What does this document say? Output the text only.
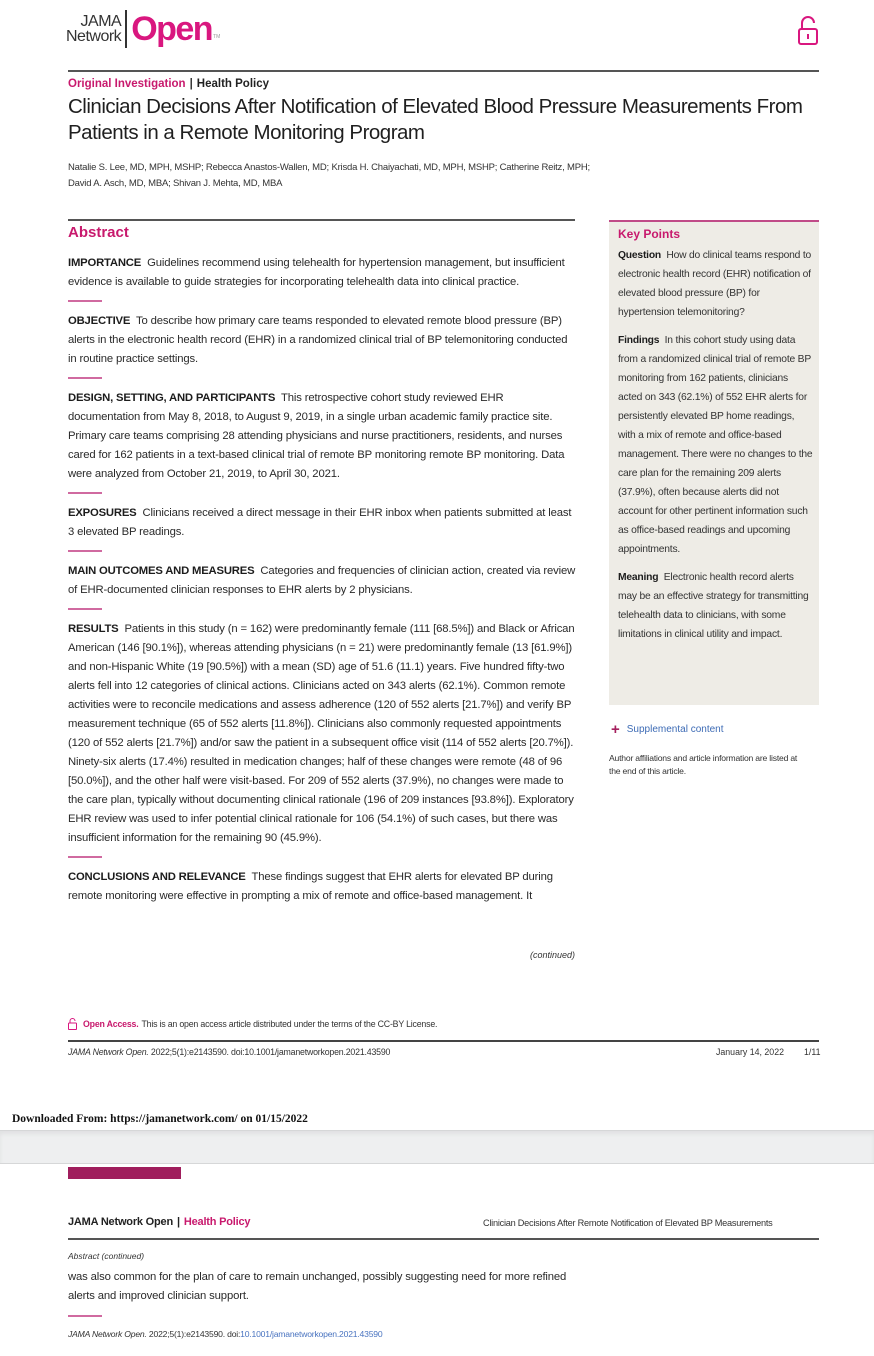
JAMA
Network Open TM
Original Investigation | Health Policy
Clinician Decisions After Notification of Elevated Blood Pressure Measurements From Patients in a Remote Monitoring Program
Natalie S. Lee, MD, MPH, MSHP; Rebecca Anastos-Wallen, MD; Krisda H. Chaiyachati, MD, MPH, MSHP; Catherine Reitz, MPH;
David A. Asch, MD, MBA; Shivan J. Mehta, MD, MBA
Abstract

IMPORTANCE Guidelines recommend using telehealth for hypertension management, but insufficient evidence is available to guide strategies for incorporating telehealth data into clinical practice.

OBJECTIVE To describe how primary care teams responded to elevated remote blood pressure (BP) alerts in the electronic health record (EHR) in a randomized clinical trial of BP telemonitoring conducted in routine practice settings.

DESIGN, SETTING, AND PARTICIPANTS This retrospective cohort study reviewed EHR documentation from May 8, 2018, to August 9, 2019, in a single urban academic family practice site. Primary care teams comprising 28 attending physicians and nurse practitioners, residents, and nurses cared for 162 patients in a text-based clinical trial of remote BP monitoring remote BP monitoring. Data were analyzed from October 21, 2019, to April 30, 2021.

EXPOSURES Clinicians received a direct message in their EHR inbox when patients submitted at least 3 elevated BP readings.

MAIN OUTCOMES AND MEASURES Categories and frequencies of clinician action, created via review of EHR-documented clinician responses to EHR alerts by 2 physicians.

RESULTS Patients in this study (n = 162) were predominantly female (111 [68.5%]) and Black or African American (146 [90.1%]), whereas attending physicians (n = 21) were predominantly female (13 [61.9%]) and non-Hispanic White (19 [90.5%]) with a mean (SD) age of 51.6 (11.1) years. Five hundred fifty-two alerts fell into 12 categories of clinical actions. Clinicians acted on 343 alerts (62.1%). Common remote activities were to reconcile medications and assess adherence (120 of 552 alerts [21.7%]) and verify BP measurement technique (65 of 552 alerts [11.8%]). Clinicians also commonly requested appointments (120 of 552 alerts [21.7%]) and/or saw the patient in a subsequent office visit (114 of 552 alerts [20.7%]). Ninety-six alerts (17.4%) resulted in medication changes; half of these changes were remote (48 of 96 [50.0%]), and the other half were visit-based. For 209 of 552 alerts (37.9%), no changes were made to the care plan, typically without documenting clinical rationale (196 of 209 instances [93.8%]). Exploratory EHR review was used to infer potential clinical rationale for 106 (54.1%) of such cases, but there was insufficient information for the remaining 90 (45.9%).

CONCLUSIONS AND RELEVANCE These findings suggest that EHR alerts for elevated BP during remote monitoring were effective in prompting a mix of remote and office-based management. It

(continued)
Key Points

Question How do clinical teams respond to electronic health record (EHR) notification of elevated blood pressure (BP) for hypertension telemonitoring?

Findings In this cohort study using data from a randomized clinical trial of remote BP monitoring from 162 patients, clinicians acted on 343 (62.1%) of 552 EHR alerts for persistently elevated BP home readings, with a mix of remote and office-based management. There were no changes to the care plan for the remaining 209 alerts (37.9%), often because alerts did not account for other pertinent information such as office-based readings and upcoming appointments.

Meaning Electronic health record alerts may be an effective strategy for transmitting telehealth data to clinicians, with some limitations in clinical utility and impact.

+ Supplemental content

Author affiliations and article information are listed at the end of this article.

Open Access. This is an open access article distributed under the terms of the CC-BY License.
JAMA Network Open. 2022;5(1):e2143590. doi:10.1001/jamanetworkopen.2021.43590	January 14, 2022 1/11
Downloaded From: https://jamanetwork.com/ on 01/15/2022
JAMA Network Open | Health Policy	Clinician Decisions After Remote Notification of Elevated BP Measurements
Abstract (continued)

was also common for the plan of care to remain unchanged, possibly suggesting need for more refined alerts and improved clinician support.

JAMA Network Open. 2022;5(1):e2143590. doi:10.1001/jamanetworkopen.2021.43590
